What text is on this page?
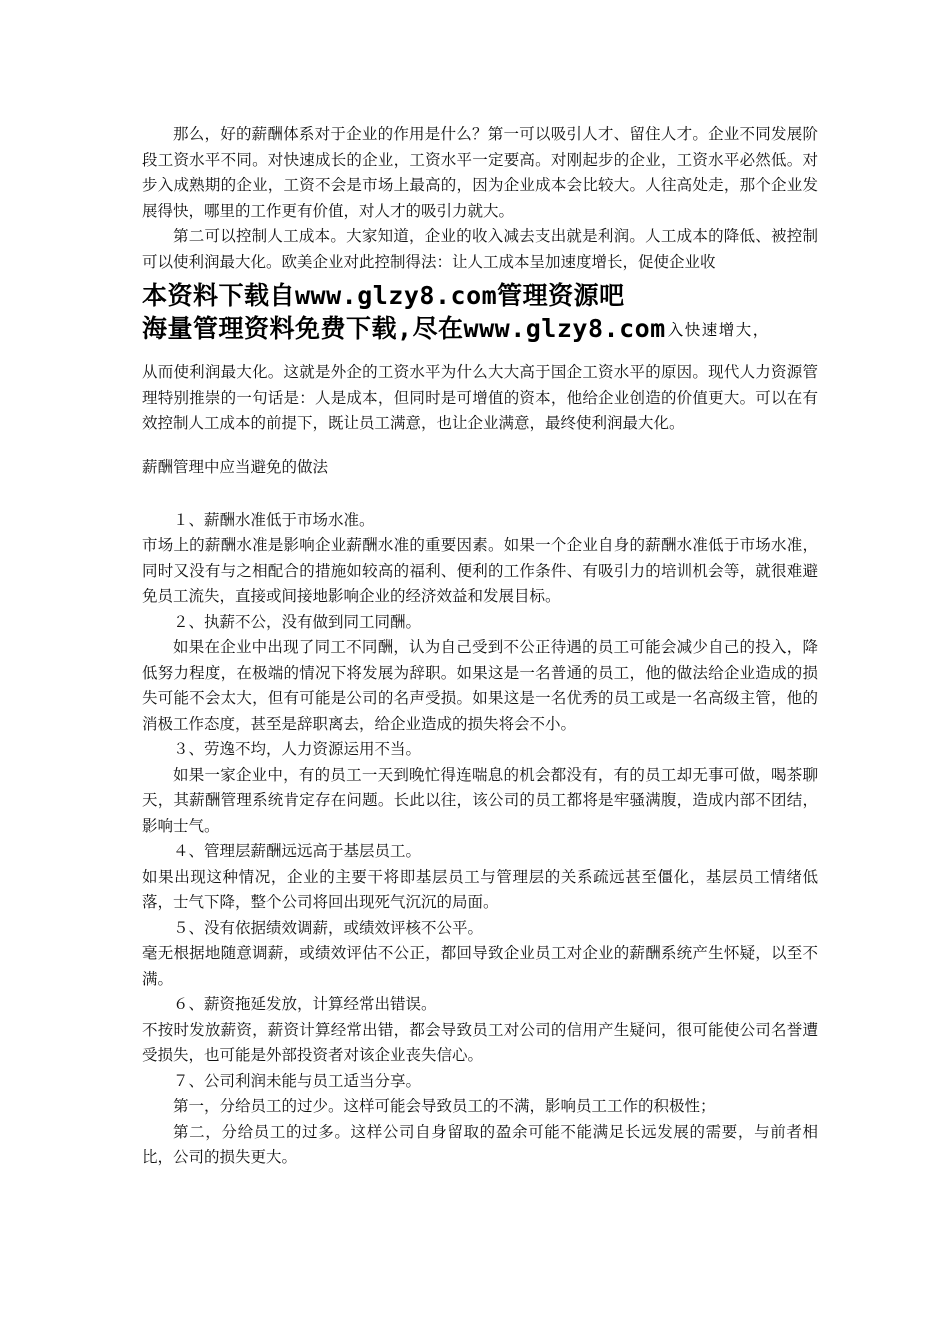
那么，好的薪酬体系对于企业的作用是什么？第一可以吸引人才、留住人才。企业不同发展阶段工资水平不同。对快速成长的企业，工资水平一定要高。对刚起步的企业，工资水平必然低。对步入成熟期的企业，工资不会是市场上最高的，因为企业成本会比较大。人往高处走，那个企业发展得快，哪里的工作更有价值，对人才的吸引力就大。

第二可以控制人工成本。大家知道，企业的收入减去支出就是利润。人工成本的降低、被控制可以使利润最大化。欧美企业对此控制得法：让人工成本呈加速度增长，促使企业收

本资料下载自www.glzy8.com管理资源吧
海量管理资料免费下载,尽在www.glzy8.com 入快速增大，

从而使利润最大化。这就是外企的工资水平为什么大大高于国企工资水平的原因。现代人力资源管理特别推崇的一句话是：人是成本，但同时是可增值的资本，他给企业创造的价值更大。可以在有效控制人工成本的前提下，既让员工满意，也让企业满意，最终使利润最大化。

薪酬管理中应当避免的做法

１、薪酬水准低于市场水准。

市场上的薪酬水准是影响企业薪酬水准的重要因素。如果一个企业自身的薪酬水准低于市场水准，同时又没有与之相配合的措施如较高的福利、便利的工作条件、有吸引力的培训机会等，就很难避免员工流失，直接或间接地影响企业的经济效益和发展目标。

２、执薪不公，没有做到同工同酬。

如果在企业中出现了同工不同酬，认为自己受到不公正待遇的员工可能会减少自己的投入，降低努力程度，在极端的情况下将发展为辞职。如果这是一名普通的员工，他的做法给企业造成的损失可能不会太大，但有可能是公司的名声受损。如果这是一名优秀的员工或是一名高级主管，他的消极工作态度，甚至是辞职离去，给企业造成的损失将会不小。

３、劳逸不均，人力资源运用不当。

如果一家企业中，有的员工一天到晚忙得连喘息的机会都没有，有的员工却无事可做，喝茶聊天，其薪酬管理系统肯定存在问题。长此以往，该公司的员工都将是牢骚满腹，造成内部不团结，影响士气。

４、管理层薪酬远远高于基层员工。

如果出现这种情况，企业的主要干将即基层员工与管理层的关系疏远甚至僵化，基层员工情绪低落，士气下降，整个公司将回出现死气沉沉的局面。

５、没有依据绩效调薪，或绩效评核不公平。

毫无根据地随意调薪，或绩效评估不公正，都回导致企业员工对企业的薪酬系统产生怀疑，以至不满。

６、薪资拖延发放，计算经常出错误。

不按时发放薪资，薪资计算经常出错，都会导致员工对公司的信用产生疑问，很可能使公司名誉遭受损失，也可能是外部投资者对该企业丧失信心。

７、公司利润未能与员工适当分享。

第一，分给员工的过少。这样可能会导致员工的不满，影响员工工作的积极性；

第二，分给员工的过多。这样公司自身留取的盈余可能不能满足长远发展的需要，与前者相比，公司的损失更大。
